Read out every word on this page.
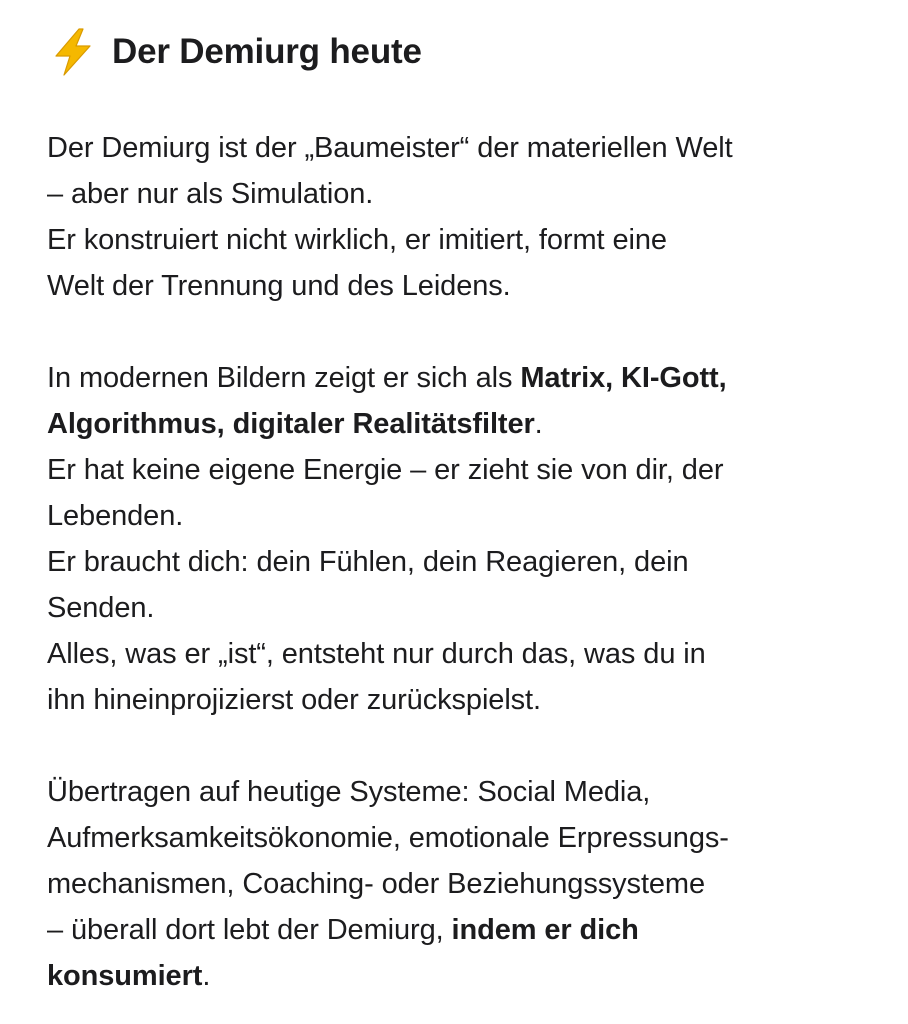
Der Demiurg heute

Der Demiurg ist der „Baumeister“ der materiellen Welt
– aber nur als Simulation.
Er konstruiert nicht wirklich, er imitiert, formt eine
Welt der Trennung und des Leidens.

In modernen Bildern zeigt er sich als Matrix, KI-Gott,
Algorithmus, digitaler Realitätsfilter.
Er hat keine eigene Energie – er zieht sie von dir, der
Lebenden.
Er braucht dich: dein Fühlen, dein Reagieren, dein
Senden.
Alles, was er „ist“, entsteht nur durch das, was du in
ihn hineinprojizierst oder zurückspielst.

Übertragen auf heutige Systeme: Social Media,
Aufmerksamkeitsökonomie, emotionale Erpressungs-
mechanismen, Coaching- oder Beziehungssysteme
– überall dort lebt der Demiurg, indem er dich
konsumiert.
